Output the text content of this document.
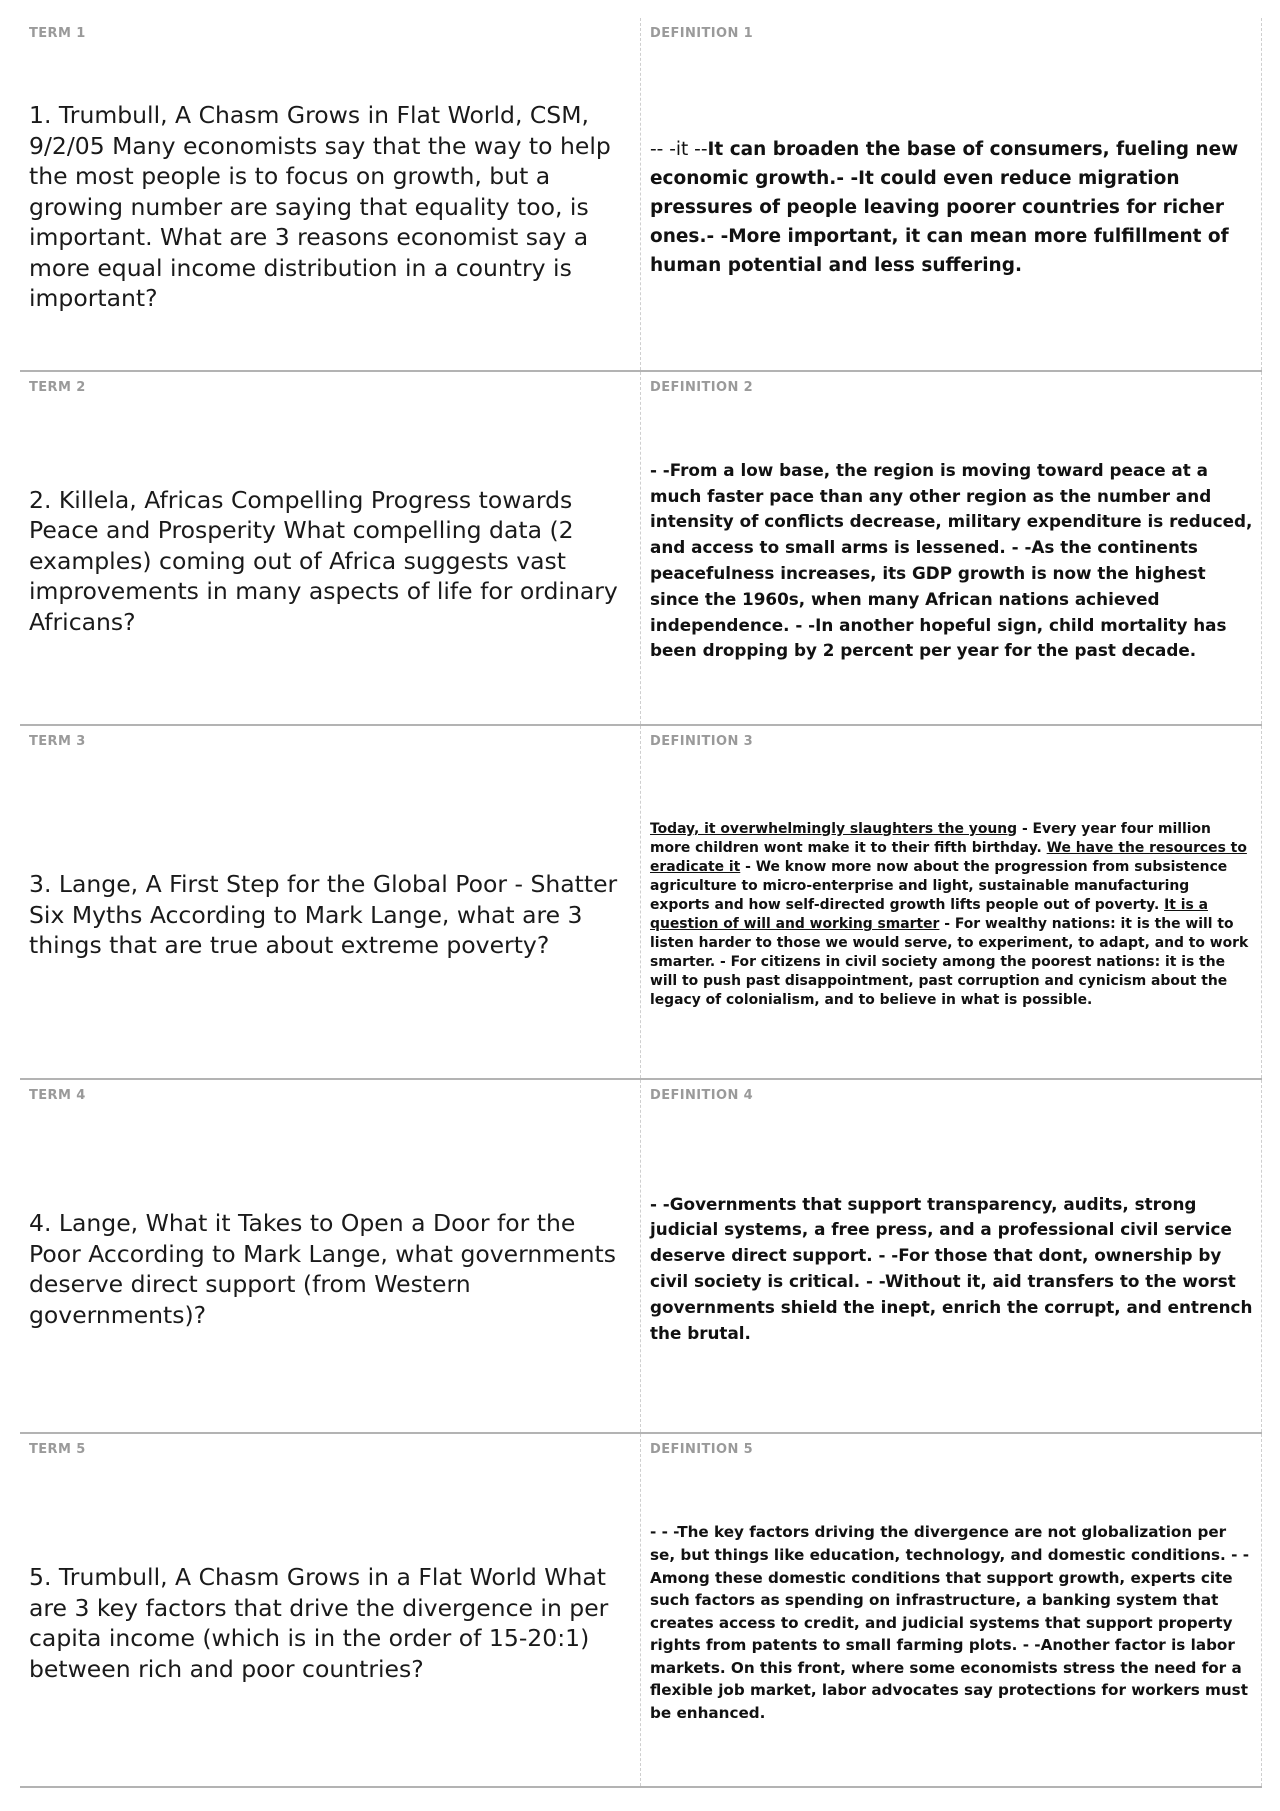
TERM 1
1. Trumbull, A Chasm Grows in Flat World, CSM, 9/2/05 Many economists say that the way to help the most people is to focus on growth, but a growing number are saying that equality too, is important. What are 3 reasons economist say a more equal income distribution in a country is important?
DEFINITION 1
-- -it --It can broaden the base of consumers, fueling new economic growth.- -It could even reduce migration pressures of people leaving poorer countries for richer ones.- -More important, it can mean more fulfillment of human potential and less suffering.
TERM 2
2. Killela, Africas Compelling Progress towards Peace and Prosperity What compelling data (2 examples) coming out of Africa suggests vast improvements in many aspects of life for ordinary Africans?
DEFINITION 2
- -From a low base, the region is moving toward peace at a much faster pace than any other region as the number and intensity of conflicts decrease, military expenditure is reduced, and access to small arms is lessened. - -As the continents peacefulness increases, its GDP growth is now the highest since the 1960s, when many African nations achieved independence. - -In another hopeful sign, child mortality has been dropping by 2 percent per year for the past decade.
TERM 3
3. Lange, A First Step for the Global Poor - Shatter Six Myths According to Mark Lange, what are 3 things that are true about extreme poverty?
DEFINITION 3
Today, it overwhelmingly slaughters the young - Every year four million more children wont make it to their fifth birthday. We have the resources to eradicate it - We know more now about the progression from subsistence agriculture to micro-enterprise and light, sustainable manufacturing exports and how self-directed growth lifts people out of poverty. It is a question of will and working smarter - For wealthy nations: it is the will to listen harder to those we would serve, to experiment, to adapt, and to work smarter. - For citizens in civil society among the poorest nations: it is the will to push past disappointment, past corruption and cynicism about the legacy of colonialism, and to believe in what is possible.
TERM 4
4. Lange, What it Takes to Open a Door for the Poor According to Mark Lange, what governments deserve direct support (from Western governments)?
DEFINITION 4
- -Governments that support transparency, audits, strong judicial systems, a free press, and a professional civil service deserve direct support. - -For those that dont, ownership by civil society is critical. - -Without it, aid transfers to the worst governments shield the inept, enrich the corrupt, and entrench the brutal.
TERM 5
5. Trumbull, A Chasm Grows in a Flat World What are 3 key factors that drive the divergence in per capita income (which is in the order of 15-20:1) between rich and poor countries?
DEFINITION 5
- - -The key factors driving the divergence are not globalization per se, but things like education, technology, and domestic conditions. - -Among these domestic conditions that support growth, experts cite such factors as spending on infrastructure, a banking system that creates access to credit, and judicial systems that support property rights from patents to small farming plots. - -Another factor is labor markets. On this front, where some economists stress the need for a flexible job market, labor advocates say protections for workers must be enhanced.
